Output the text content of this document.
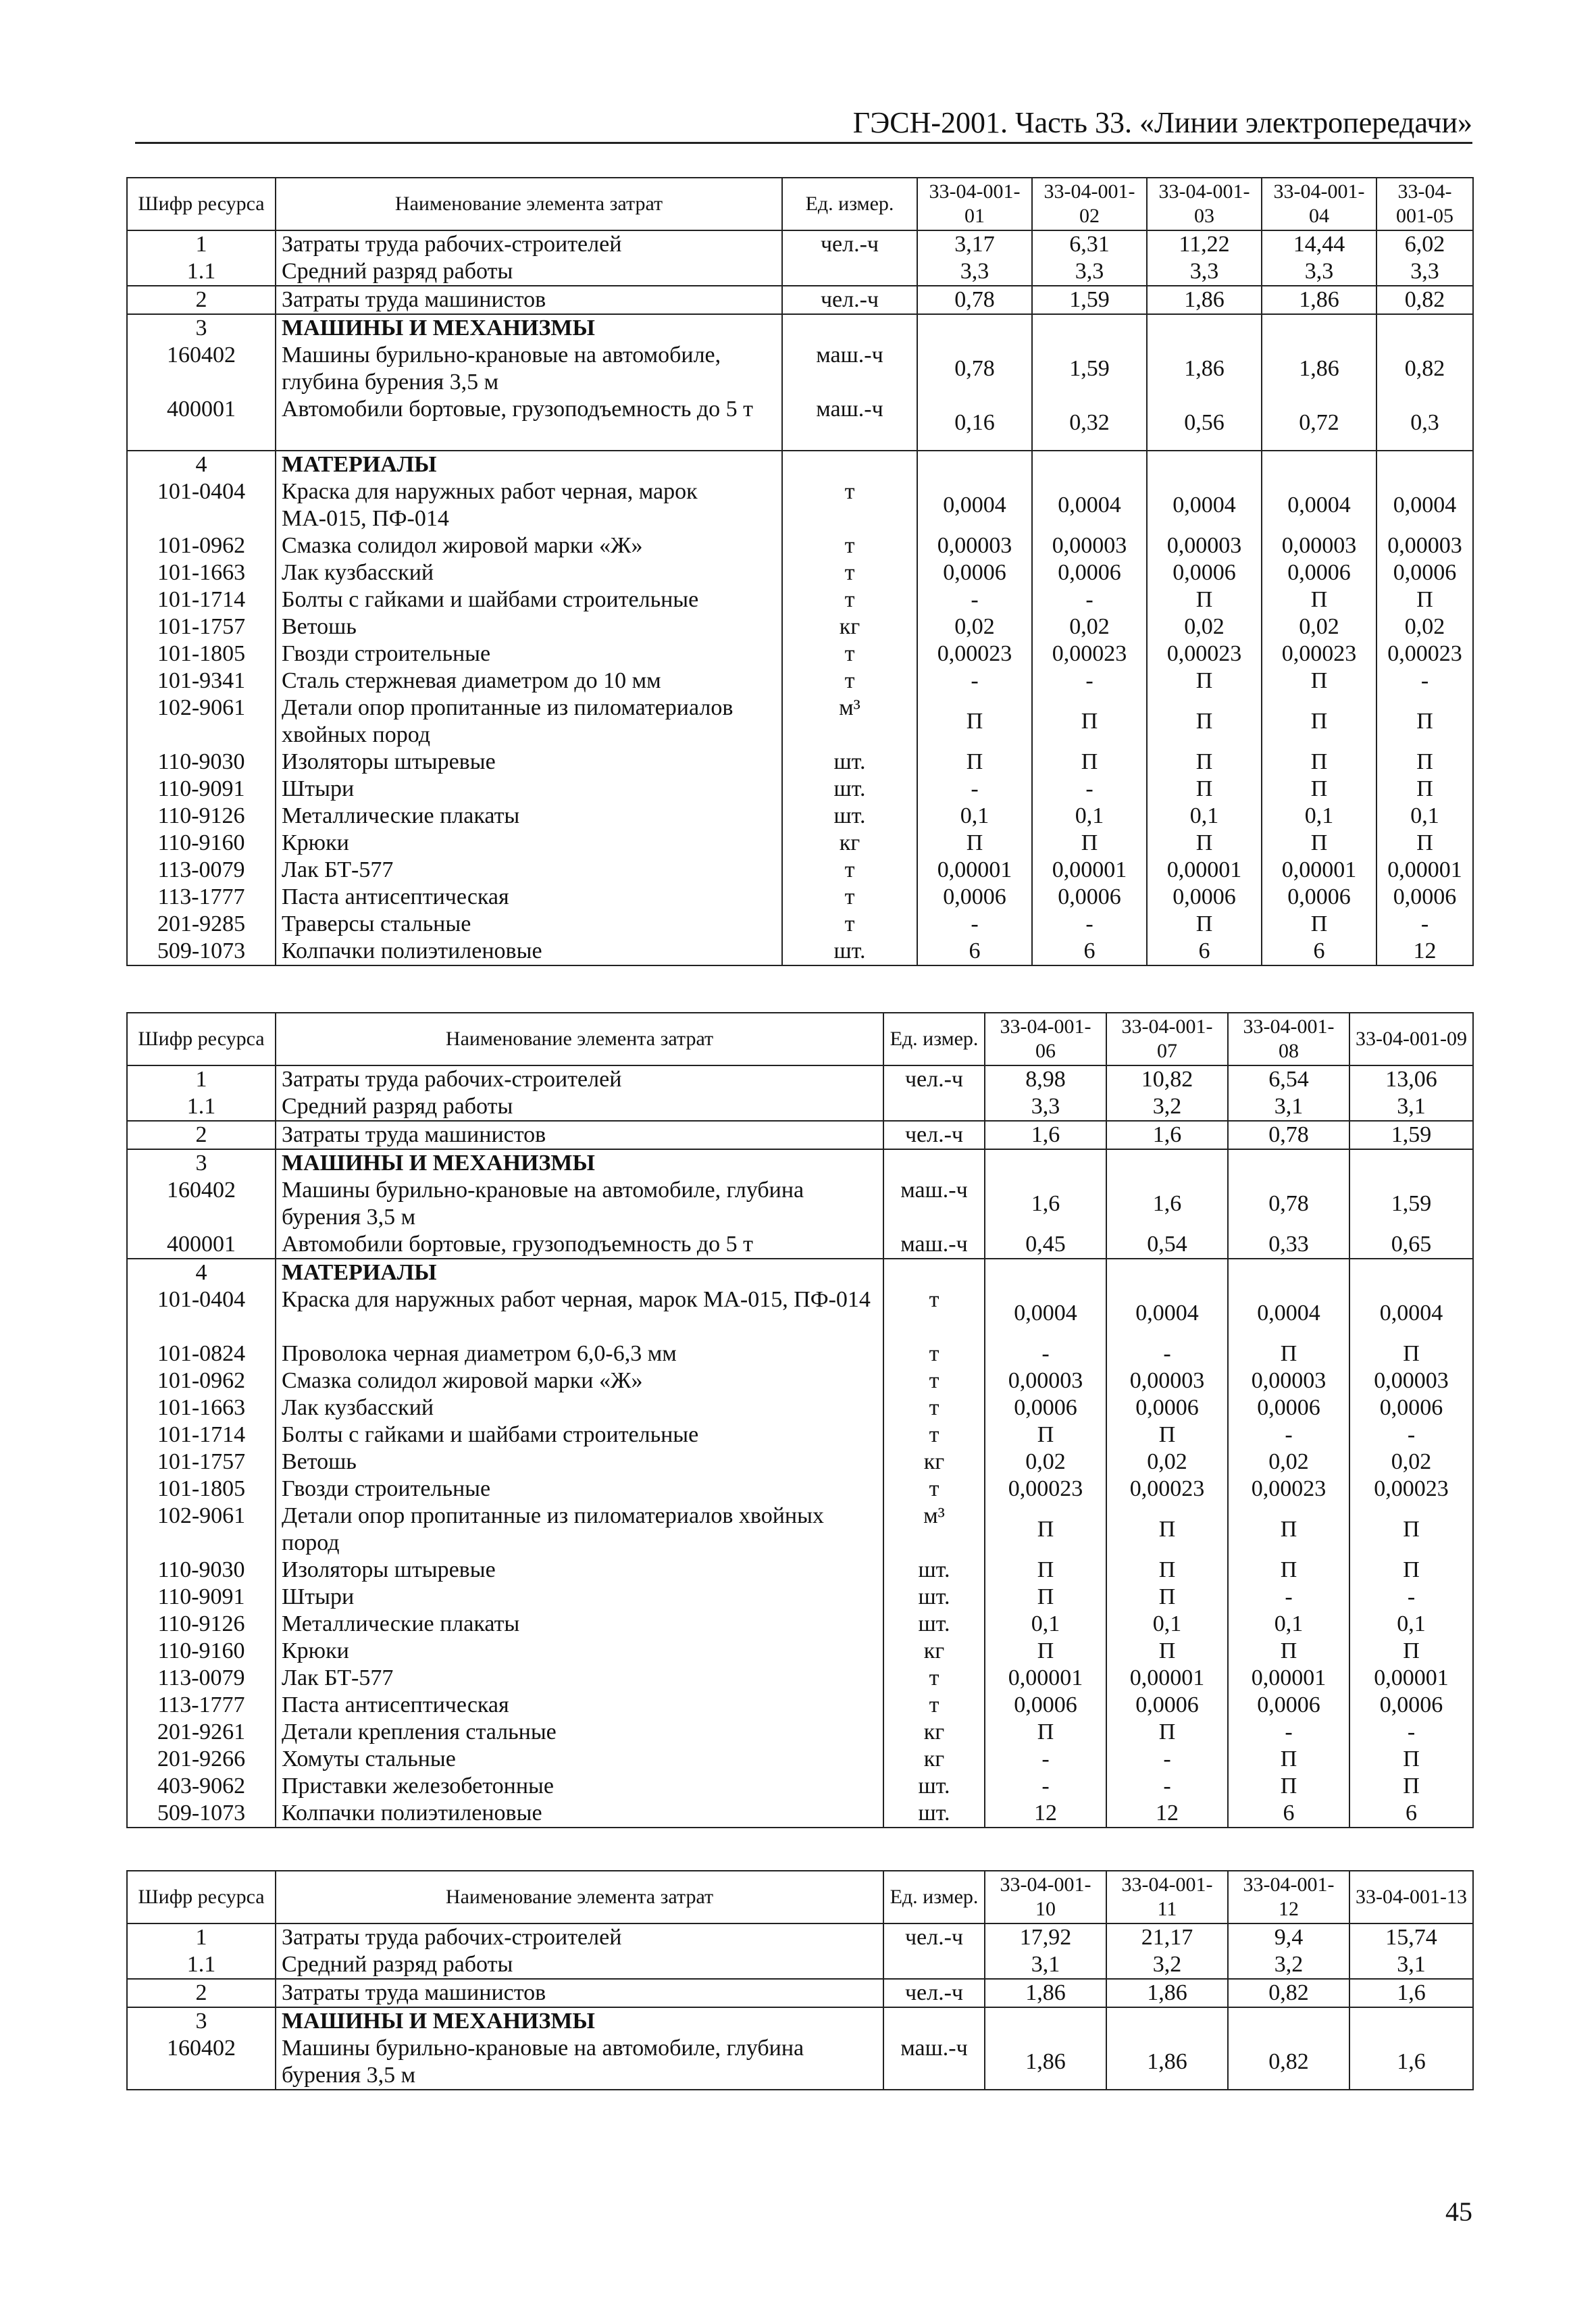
ГЭСН-2001. Часть 33. «Линии электропередачи»
Шифр ресурса	Наименование элемента затрат	Ед. измер.	33-04-001-01	33-04-001-02	33-04-001-03	33-04-001-04	33-04-001-05
1	Затраты труда рабочих-строителей	чел.-ч	3,17	6,31	11,22	14,44	6,02
1.1	Средний разряд работы		3,3	3,3	3,3	3,3	3,3
2	Затраты труда машинистов	чел.-ч	0,78	1,59	1,86	1,86	0,82
3	МАШИНЫ И МЕХАНИЗМЫ						
160402	Машины бурильно-крановые на автомобиле, глубина бурения 3,5 м	маш.-ч	0,78	1,59	1,86	1,86	0,82
400001	Автомобили бортовые, грузоподъемность до 5 т	маш.-ч	0,16	0,32	0,56	0,72	0,3
4	МАТЕРИАЛЫ						
101-0404	Краска для наружных работ черная, марок МА-015, ПФ-014	т	0,0004	0,0004	0,0004	0,0004	0,0004
101-0962	Смазка солидол жировой марки «Ж»	т	0,00003	0,00003	0,00003	0,00003	0,00003
101-1663	Лак кузбасский	т	0,0006	0,0006	0,0006	0,0006	0,0006
101-1714	Болты с гайками и шайбами строительные	т	-	-	П	П	П
101-1757	Ветошь	кг	0,02	0,02	0,02	0,02	0,02
101-1805	Гвозди строительные	т	0,00023	0,00023	0,00023	0,00023	0,00023
101-9341	Сталь стержневая диаметром до 10 мм	т	-	-	П	П	-
102-9061	Детали опор пропитанные из пиломатериалов хвойных пород	м³	П	П	П	П	П
110-9030	Изоляторы штыревые	шт.	П	П	П	П	П
110-9091	Штыри	шт.	-	-	П	П	П
110-9126	Металлические плакаты	шт.	0,1	0,1	0,1	0,1	0,1
110-9160	Крюки	кг	П	П	П	П	П
113-0079	Лак БТ-577	т	0,00001	0,00001	0,00001	0,00001	0,00001
113-1777	Паста антисептическая	т	0,0006	0,0006	0,0006	0,0006	0,0006
201-9285	Траверсы стальные	т	-	-	П	П	-
509-1073	Колпачки полиэтиленовые	шт.	6	6	6	6	12
Шифр ресурса	Наименование элемента затрат	Ед. измер.	33-04-001-06	33-04-001-07	33-04-001-08	33-04-001-09
1	Затраты труда рабочих-строителей	чел.-ч	8,98	10,82	6,54	13,06
1.1	Средний разряд работы		3,3	3,2	3,1	3,1
2	Затраты труда машинистов	чел.-ч	1,6	1,6	0,78	1,59
3	МАШИНЫ И МЕХАНИЗМЫ					
160402	Машины бурильно-крановые на автомобиле, глубина бурения 3,5 м	маш.-ч	1,6	1,6	0,78	1,59
400001	Автомобили бортовые, грузоподъемность до 5 т	маш.-ч	0,45	0,54	0,33	0,65
4	МАТЕРИАЛЫ					
101-0404	Краска для наружных работ черная, марок МА-015, ПФ-014	т	0,0004	0,0004	0,0004	0,0004
101-0824	Проволока черная диаметром 6,0-6,3 мм	т	-	-	П	П
101-0962	Смазка солидол жировой марки «Ж»	т	0,00003	0,00003	0,00003	0,00003
101-1663	Лак кузбасский	т	0,0006	0,0006	0,0006	0,0006
101-1714	Болты с гайками и шайбами строительные	т	П	П	-	-
101-1757	Ветошь	кг	0,02	0,02	0,02	0,02
101-1805	Гвозди строительные	т	0,00023	0,00023	0,00023	0,00023
102-9061	Детали опор пропитанные из пиломатериалов хвойных пород	м³	П	П	П	П
110-9030	Изоляторы штыревые	шт.	П	П	П	П
110-9091	Штыри	шт.	П	П	-	-
110-9126	Металлические плакаты	шт.	0,1	0,1	0,1	0,1
110-9160	Крюки	кг	П	П	П	П
113-0079	Лак БТ-577	т	0,00001	0,00001	0,00001	0,00001
113-1777	Паста антисептическая	т	0,0006	0,0006	0,0006	0,0006
201-9261	Детали крепления стальные	кг	П	П	-	-
201-9266	Хомуты стальные	кг	-	-	П	П
403-9062	Приставки железобетонные	шт.	-	-	П	П
509-1073	Колпачки полиэтиленовые	шт.	12	12	6	6
Шифр ресурса	Наименование элемента затрат	Ед. измер.	33-04-001-10	33-04-001-11	33-04-001-12	33-04-001-13
1	Затраты труда рабочих-строителей	чел.-ч	17,92	21,17	9,4	15,74
1.1	Средний разряд работы		3,1	3,2	3,2	3,1
2	Затраты труда машинистов	чел.-ч	1,86	1,86	0,82	1,6
3	МАШИНЫ И МЕХАНИЗМЫ					
160402	Машины бурильно-крановые на автомобиле, глубина бурения 3,5 м	маш.-ч	1,86	1,86	0,82	1,6
45
